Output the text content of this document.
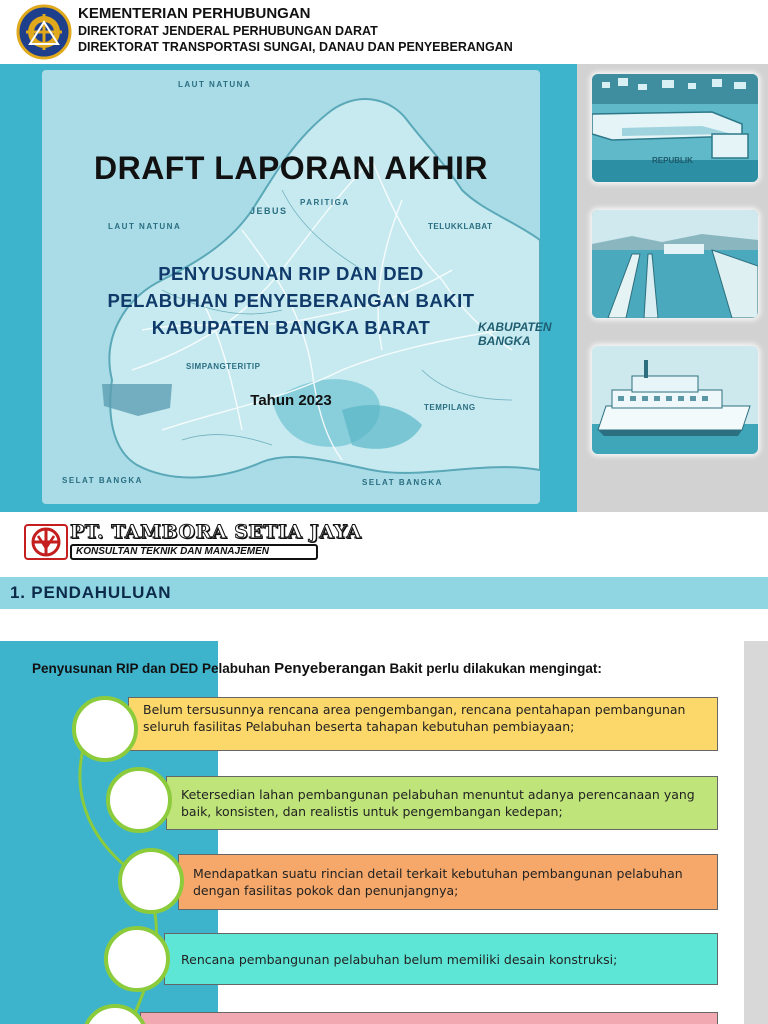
KEMENTERIAN PERHUBUNGAN
DIREKTORAT JENDERAL PERHUBUNGAN DARAT
DIREKTORAT TRANSPORTASI SUNGAI, DANAU DAN PENYEBERANGAN
LAUT NATUNA
LAUT NATUNA
PARITIGA
JEBUS
TELUKKLABAT
KABUPATEN BANGKA
SIMPANGTERITIP
TEMPILANG
SELAT BANGKA	SELAT BANGKA
DRAFT LAPORAN AKHIR
PENYUSUNAN RIP DAN DED
PELABUHAN PENYEBERANGAN BAKIT
KABUPATEN BANGKA BARAT
Tahun 2023
REPUBLIK
PT. TAMBORA SETIA JAYA
KONSULTAN TEKNIK DAN MANAJEMEN
1. PENDAHULUAN
Penyusunan RIP dan DED Pelabuhan Penyeberangan Bakit perlu dilakukan mengingat:
Belum tersusunnya rencana area pengembangan, rencana pentahapan pembangunan seluruh fasilitas Pelabuhan beserta tahapan kebutuhan pembiayaan;
Ketersedian lahan pembangunan pelabuhan menuntut adanya perencanaan yang baik, konsisten, dan realistis untuk pengembangan kedepan;
Mendapatkan suatu rincian detail terkait kebutuhan pembangunan pelabuhan dengan fasilitas pokok dan penunjangnya;
Rencana pembangunan pelabuhan belum memiliki desain konstruksi;
